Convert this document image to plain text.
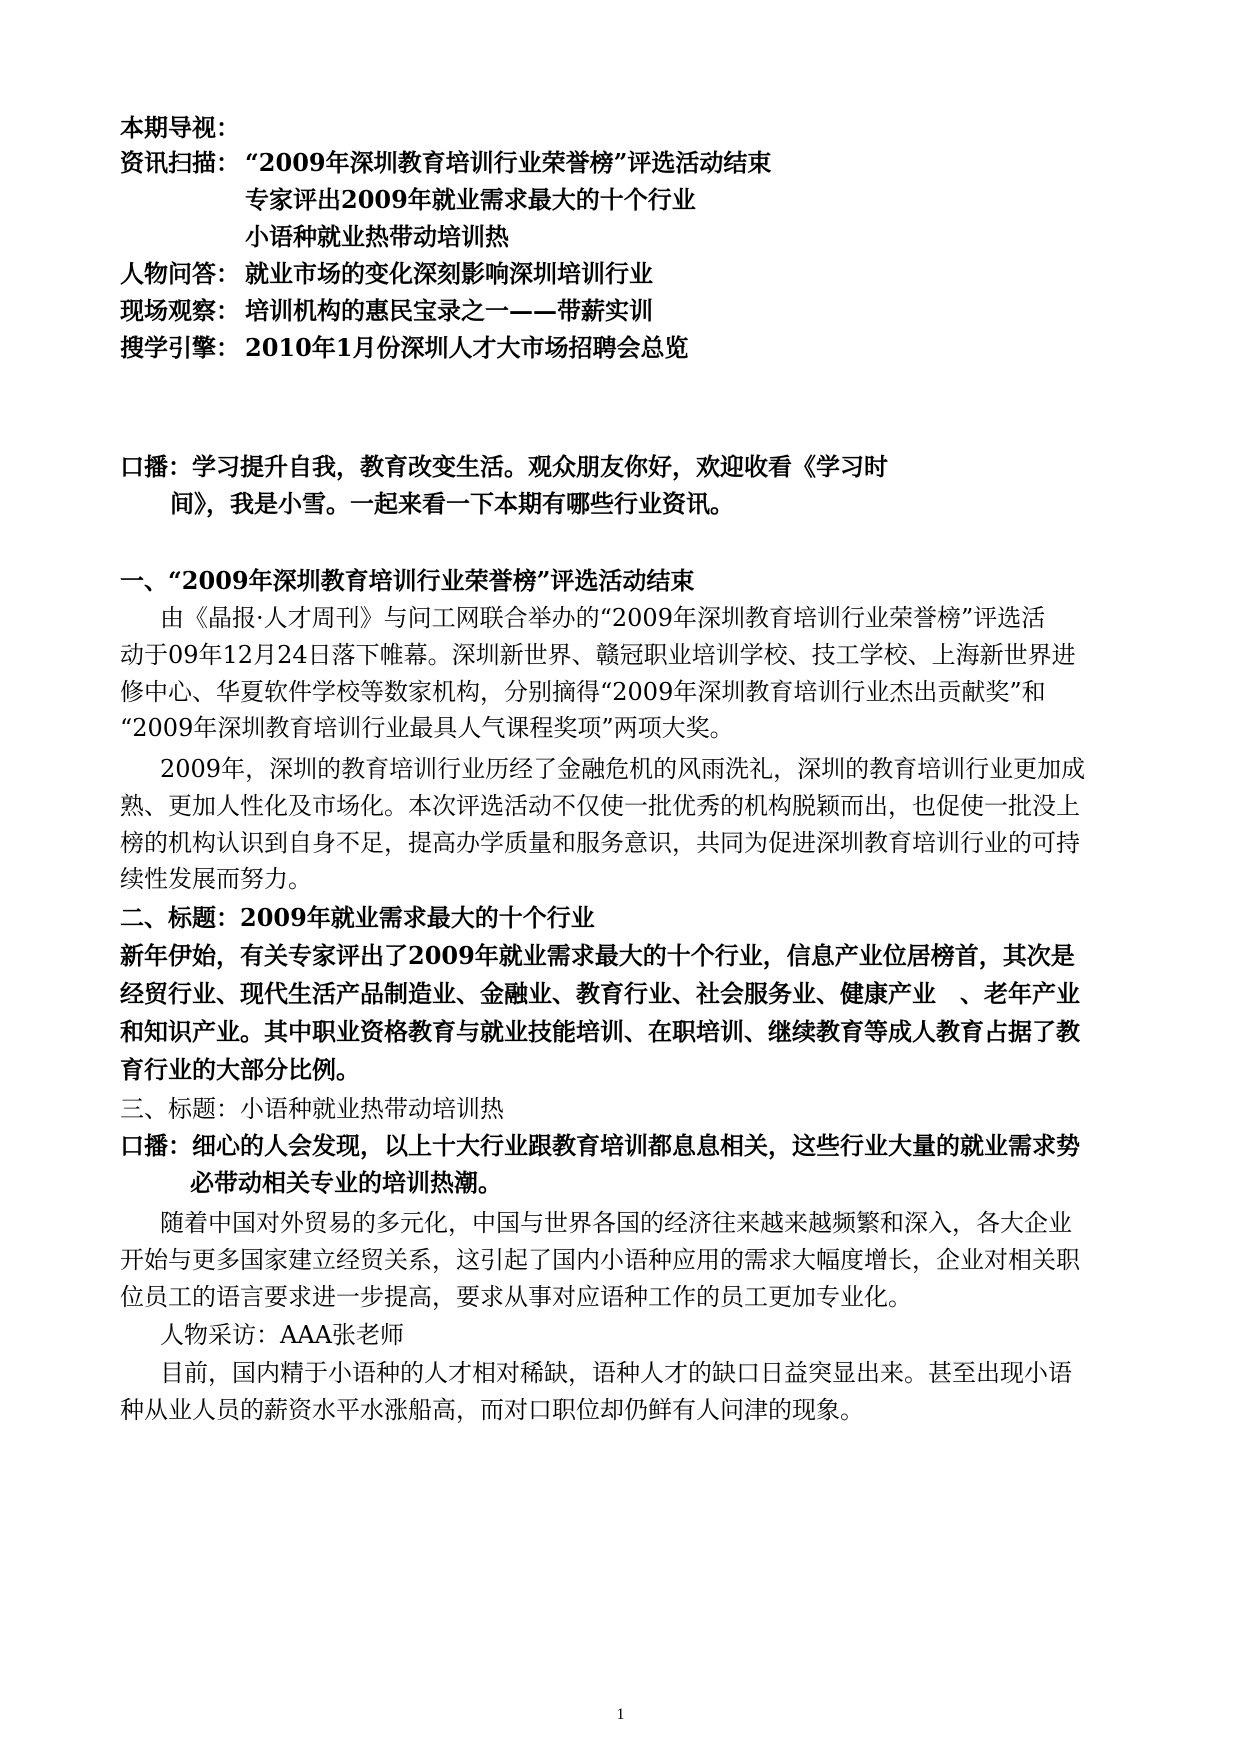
本期导视：
资讯扫描： “2009年深圳教育培训行业荣誉榜”评选活动结束
专家评出2009年就业需求最大的十个行业
小语种就业热带动培训热
人物问答： 就业市场的变化深刻影响深圳培训行业
现场观察： 培训机构的惠民宝录之一——带薪实训
搜学引擎： 2010年1月份深圳人才大市场招聘会总览
口播：学习提升自我，教育改变生活。观众朋友你好，欢迎收看《学习时
间》，我是小雪。一起来看一下本期有哪些行业资讯。
一、“2009年深圳教育培训行业荣誉榜”评选活动结束
由《晶报·人才周刊》与问工网联合举办的“2009年深圳教育培训行业荣誉榜”评选活
动于09年12月24日落下帷幕。深圳新世界、赣冠职业培训学校、技工学校、上海新世界进
修中心、华夏软件学校等数家机构，分别摘得“2009年深圳教育培训行业杰出贡献奖”和
“2009年深圳教育培训行业最具人气课程奖项”两项大奖。
2009年，深圳的教育培训行业历经了金融危机的风雨洗礼，深圳的教育培训行业更加成
熟、更加人性化及市场化。本次评选活动不仅使一批优秀的机构脱颖而出，也促使一批没上
榜的机构认识到自身不足，提高办学质量和服务意识，共同为促进深圳教育培训行业的可持
续性发展而努力。
二、标题：2009年就业需求最大的十个行业
新年伊始，有关专家评出了2009年就业需求最大的十个行业，信息产业位居榜首，其次是
经贸行业、现代生活产品制造业、金融业、教育行业、社会服务业、健康产业　、老年产业
和知识产业。其中职业资格教育与就业技能培训、在职培训、继续教育等成人教育占据了教
育行业的大部分比例。
三、标题：小语种就业热带动培训热
口播：细心的人会发现，以上十大行业跟教育培训都息息相关，这些行业大量的就业需求势
必带动相关专业的培训热潮。
随着中国对外贸易的多元化，中国与世界各国的经济往来越来越频繁和深入，各大企业
开始与更多国家建立经贸关系，这引起了国内小语种应用的需求大幅度增长，企业对相关职
位员工的语言要求进一步提高，要求从事对应语种工作的员工更加专业化。
人物采访：AAA张老师
目前，国内精于小语种的人才相对稀缺，语种人才的缺口日益突显出来。甚至出现小语
种从业人员的薪资水平水涨船高，而对口职位却仍鲜有人问津的现象。
1
